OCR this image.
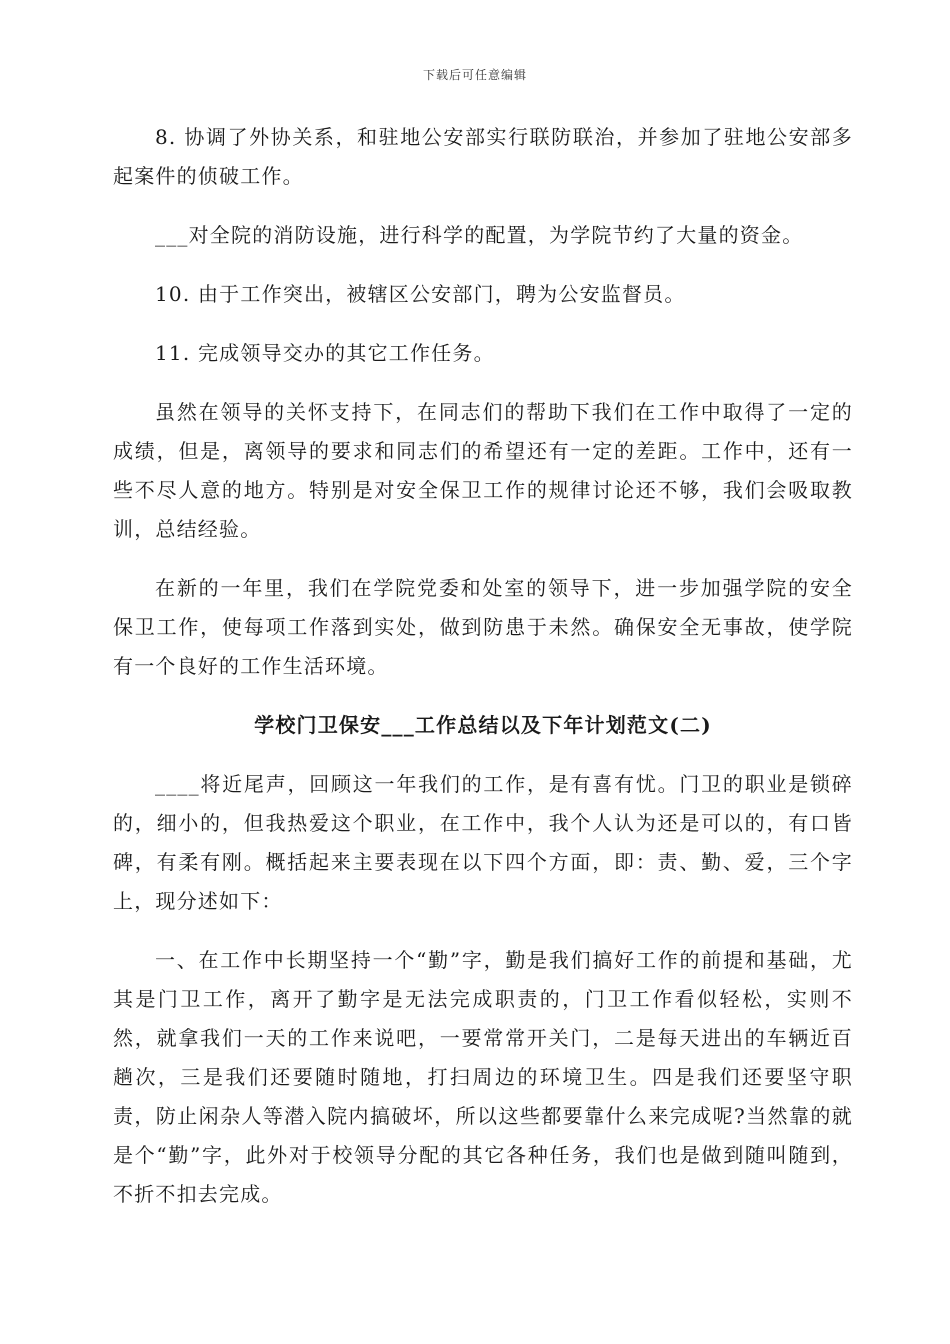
下载后可任意编辑

8. 协调了外协关系，和驻地公安部实行联防联治，并参加了驻地公安部多起案件的侦破工作。

___对全院的消防设施，进行科学的配置，为学院节约了大量的资金。

10. 由于工作突出，被辖区公安部门，聘为公安监督员。

11. 完成领导交办的其它工作任务。

虽然在领导的关怀支持下，在同志们的帮助下我们在工作中取得了一定的成绩，但是，离领导的要求和同志们的希望还有一定的差距。工作中，还有一些不尽人意的地方。特别是对安全保卫工作的规律讨论还不够，我们会吸取教训，总结经验。

在新的一年里，我们在学院党委和处室的领导下，进一步加强学院的安全保卫工作，使每项工作落到实处，做到防患于未然。确保安全无事故，使学院有一个良好的工作生活环境。

学校门卫保安___工作总结以及下年计划范文(二)

____将近尾声，回顾这一年我们的工作，是有喜有忧。门卫的职业是锁碎的，细小的，但我热爱这个职业，在工作中，我个人认为还是可以的，有口皆碑，有柔有刚。概括起来主要表现在以下四个方面，即：责、勤、爱，三个字上，现分述如下：

一、在工作中长期坚持一个“勤”字，勤是我们搞好工作的前提和基础，尤其是门卫工作，离开了勤字是无法完成职责的，门卫工作看似轻松，实则不然，就拿我们一天的工作来说吧，一要常常开关门，二是每天进出的车辆近百趟次，三是我们还要随时随地，打扫周边的环境卫生。四是我们还要坚守职责，防止闲杂人等潜入院内搞破坏，所以这些都要靠什么来完成呢?当然靠的就是个“勤”字，此外对于校领导分配的其它各种任务，我们也是做到随叫随到，不折不扣去完成。
